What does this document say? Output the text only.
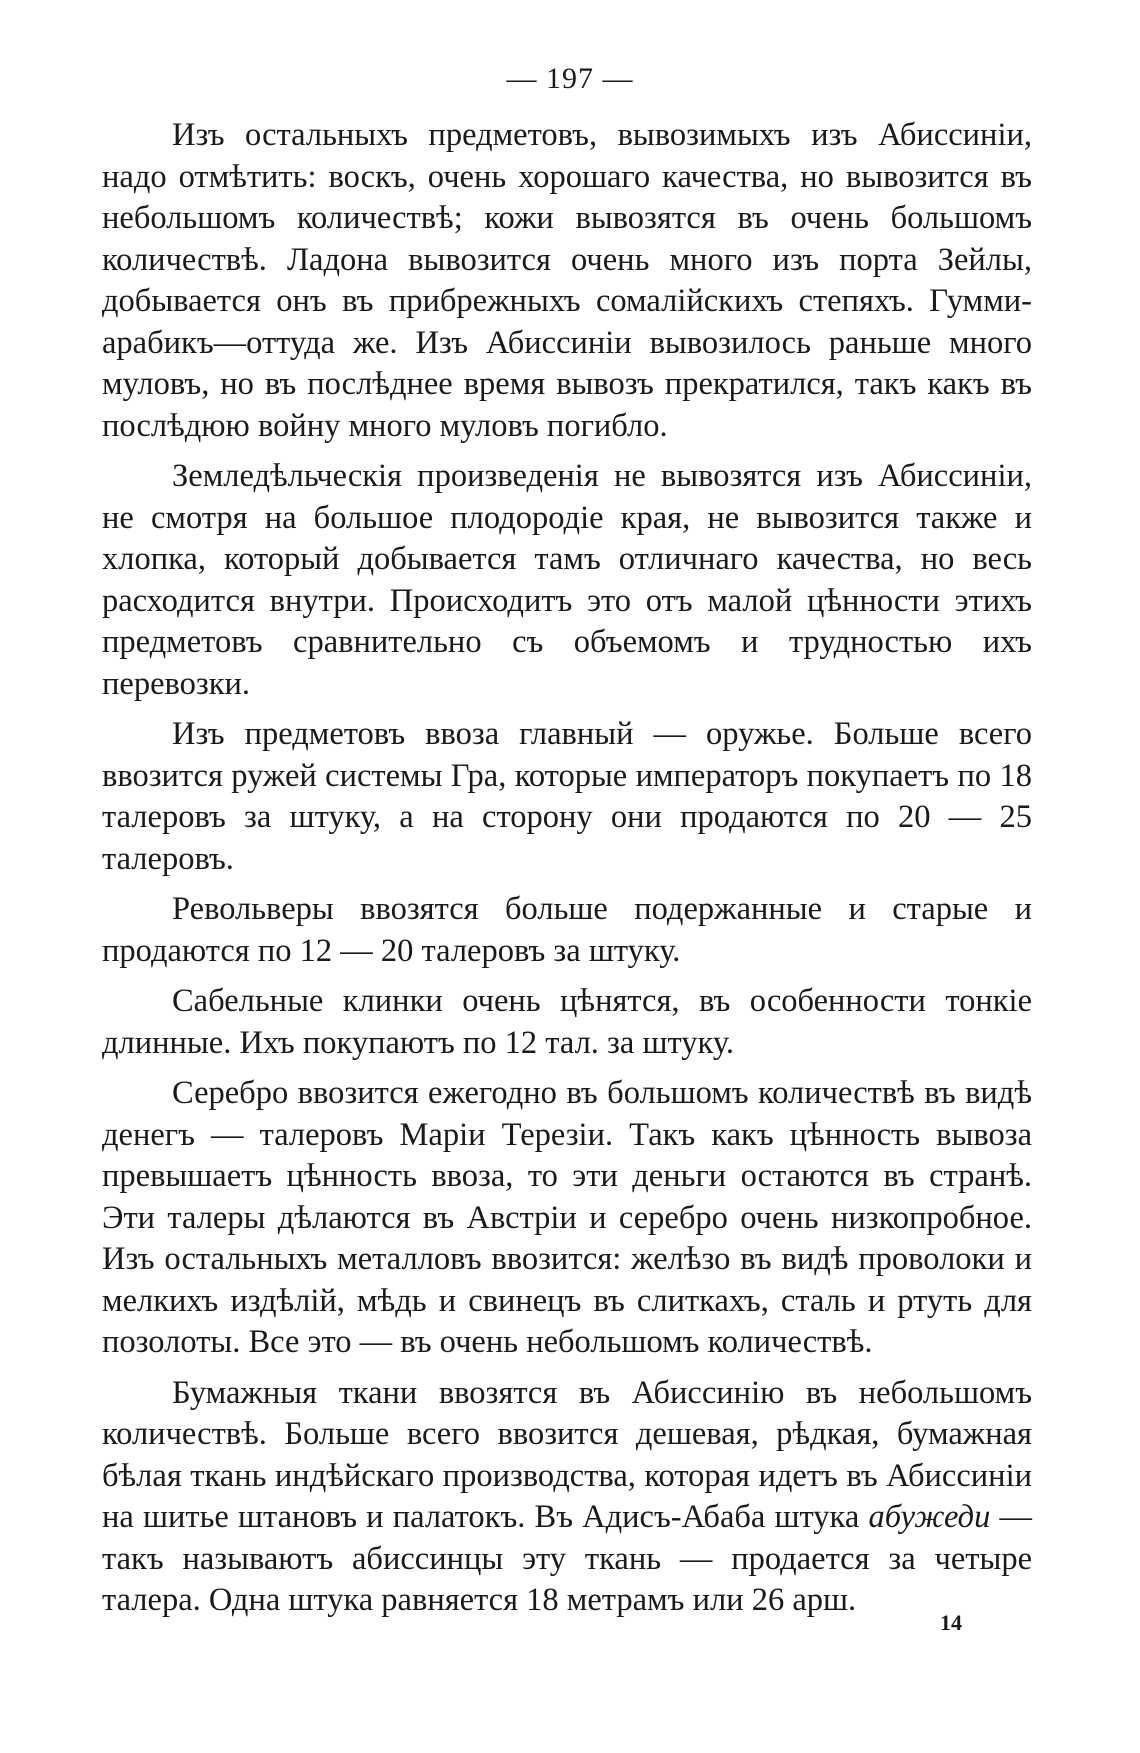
— 197 —

Изъ остальныхъ предметовъ, вывозимыхъ изъ Абиссиніи, надо отмѣтить: воскъ, очень хорошаго качества, но вывозится въ небольшомъ количествѣ; кожи вывозятся въ очень большомъ количествѣ. Ладона вывозится очень много изъ порта Зейлы, добывается онъ въ прибрежныхъ сомалійскихъ степяхъ. Гумми-арабикъ—оттуда же. Изъ Абиссиніи вывозилось раньше много муловъ, но въ послѣднее время вывозъ прекратился, такъ какъ въ послѣдюю войну много муловъ погибло.

Земледѣльческія произведенія не вывозятся изъ Абиссиніи, не смотря на большое плодородіе края, не вывозится также и хлопка, который добывается тамъ отличнаго качества, но весь расходится внутри. Происходитъ это отъ малой цѣнности этихъ предметовъ сравнительно съ объемомъ и трудностью ихъ перевозки.

Изъ предметовъ ввоза главный — оружье. Больше всего ввозится ружей системы Гра, которые императоръ покупаетъ по 18 талеровъ за штуку, а на сторону они продаются по 20 — 25 талеровъ.

Револьверы ввозятся больше подержанные и старые и продаются по 12 — 20 талеровъ за штуку.

Сабельные клинки очень цѣнятся, въ особенности тонкіе длинные. Ихъ покупаютъ по 12 тал. за штуку.

Серебро ввозится ежегодно въ большомъ количествѣ въ видѣ денегъ — талеровъ Маріи Терезіи. Такъ какъ цѣнность вывоза превышаетъ цѣнность ввоза, то эти деньги остаются въ странѣ. Эти талеры дѣлаются въ Австріи и серебро очень низкопробное. Изъ остальныхъ металловъ ввозится: желѣзо въ видѣ проволоки и мелкихъ издѣлій, мѣдь и свинецъ въ слиткахъ, сталь и ртуть для позолоты. Все это — въ очень небольшомъ количествѣ.

Бумажныя ткани ввозятся въ Абиссинію въ небольшомъ количествѣ. Больше всего ввозится дешевая, рѣдкая, бумажная бѣлая ткань индѣйскаго производства, которая идетъ въ Абиссиніи на шитье штановъ и палатокъ. Въ Адисъ-Абаба штука абужеди — такъ называютъ абиссинцы эту ткань — продается за четыре талера. Одна штука равняется 18 метрамъ или 26 арш.

14
